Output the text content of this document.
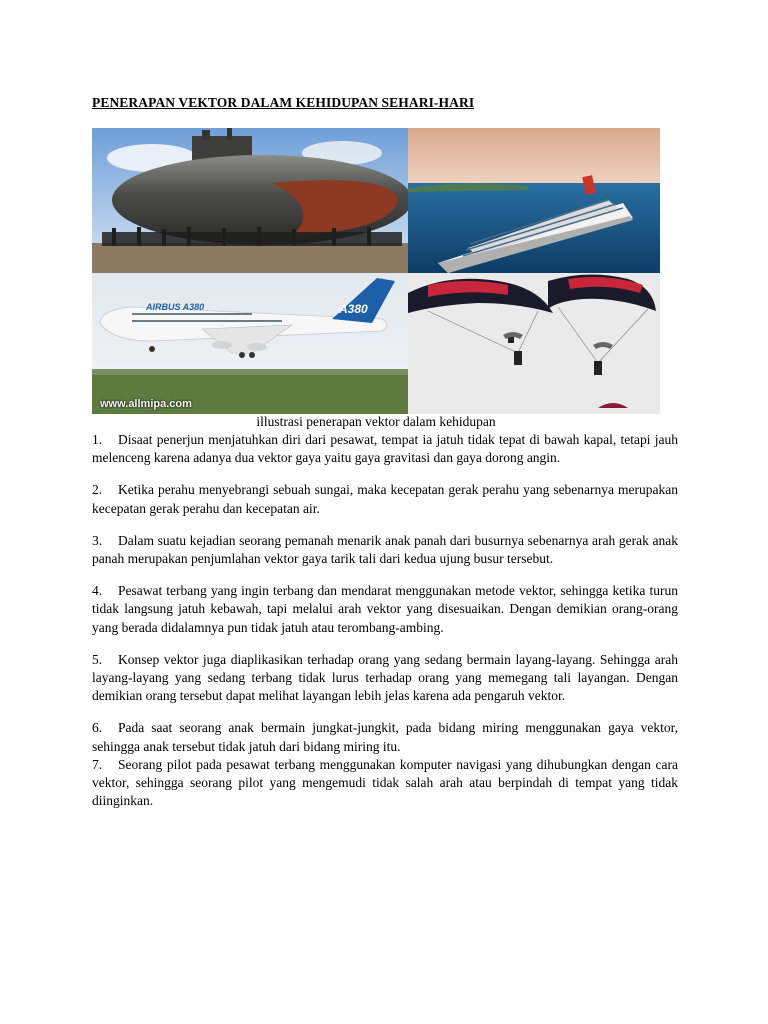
PENERAPAN VEKTOR DALAM KEHIDUPAN SEHARI-HARI
AIRBUS A380	A380
www.allmipa.com
illustrasi penerapan vektor dalam kehidupan

1. Disaat penerjun menjatuhkan diri dari pesawat, tempat ia jatuh tidak tepat di bawah kapal, tetapi jauh melenceng karena adanya dua vektor gaya yaitu gaya gravitasi dan gaya dorong angin.

2. Ketika perahu menyebrangi sebuah sungai, maka kecepatan gerak perahu yang sebenarnya merupakan kecepatan gerak perahu dan kecepatan air.

3. Dalam suatu kejadian seorang pemanah menarik anak panah dari busurnya sebenarnya arah gerak anak panah merupakan penjumlahan vektor gaya tarik tali dari kedua ujung busur tersebut.

4. Pesawat terbang yang ingin terbang dan mendarat menggunakan metode vektor, sehingga ketika turun tidak langsung jatuh kebawah, tapi melalui arah vektor yang disesuaikan. Dengan demikian orang-orang yang berada didalamnya pun tidak jatuh atau terombang-ambing.

5. Konsep vektor juga diaplikasikan terhadap orang yang sedang bermain layang-layang. Sehingga arah layang-layang yang sedang terbang tidak lurus terhadap orang yang memegang tali layangan. Dengan demikian orang tersebut dapat melihat layangan lebih jelas karena ada pengaruh vektor.

6. Pada saat seorang anak bermain jungkat-jungkit, pada bidang miring menggunakan gaya vektor, sehingga anak tersebut tidak jatuh dari bidang miring itu.

7. Seorang pilot pada pesawat terbang menggunakan komputer navigasi yang dihubungkan dengan cara vektor, sehingga seorang pilot yang mengemudi tidak salah arah atau berpindah di tempat yang tidak diinginkan.
